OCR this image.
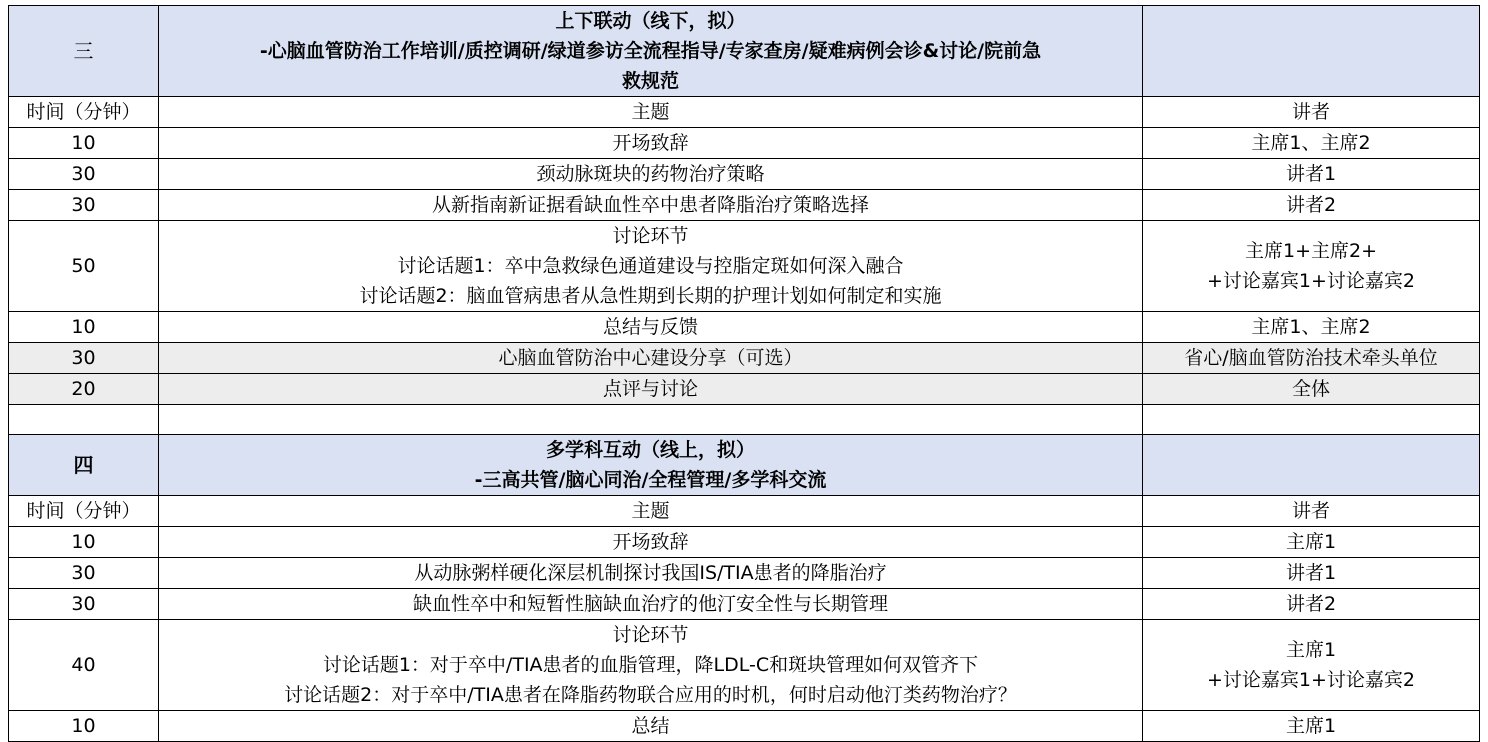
三	上下联动（线下，拟）
-心脑血管防治工作培训/质控调研/绿道参访全流程指导/专家查房/疑难病例会诊&讨论/院前急
救规范	

时间（分钟）	主题	讲者

10	开场致辞	主席1、主席2

30	颈动脉斑块的药物治疗策略	讲者1

30	从新指南新证据看缺血性卒中患者降脂治疗策略选择	讲者2

50	讨论环节
讨论话题1：卒中急救绿色通道建设与控脂定斑如何深入融合
讨论话题2：脑血管病患者从急性期到长期的护理计划如何制定和实施	主席1+主席2+
+讨论嘉宾1+讨论嘉宾2

10	总结与反馈	主席1、主席2

30	心脑血管防治中心建设分享（可选）	省心/脑血管防治技术牵头单位

20	点评与讨论	全体

四	多学科互动（线上，拟）
-三高共管/脑心同治/全程管理/多学科交流	

时间（分钟）	主题	讲者

10	开场致辞	主席1

30	从动脉粥样硬化深层机制探讨我国IS/TIA患者的降脂治疗	讲者1

30	缺血性卒中和短暂性脑缺血治疗的他汀安全性与长期管理	讲者2

40	讨论环节
讨论话题1：对于卒中/TIA患者的血脂管理，降LDL-C和斑块管理如何双管齐下
讨论话题2：对于卒中/TIA患者在降脂药物联合应用的时机，何时启动他汀类药物治疗？	主席1
+讨论嘉宾1+讨论嘉宾2

10	总结	主席1
